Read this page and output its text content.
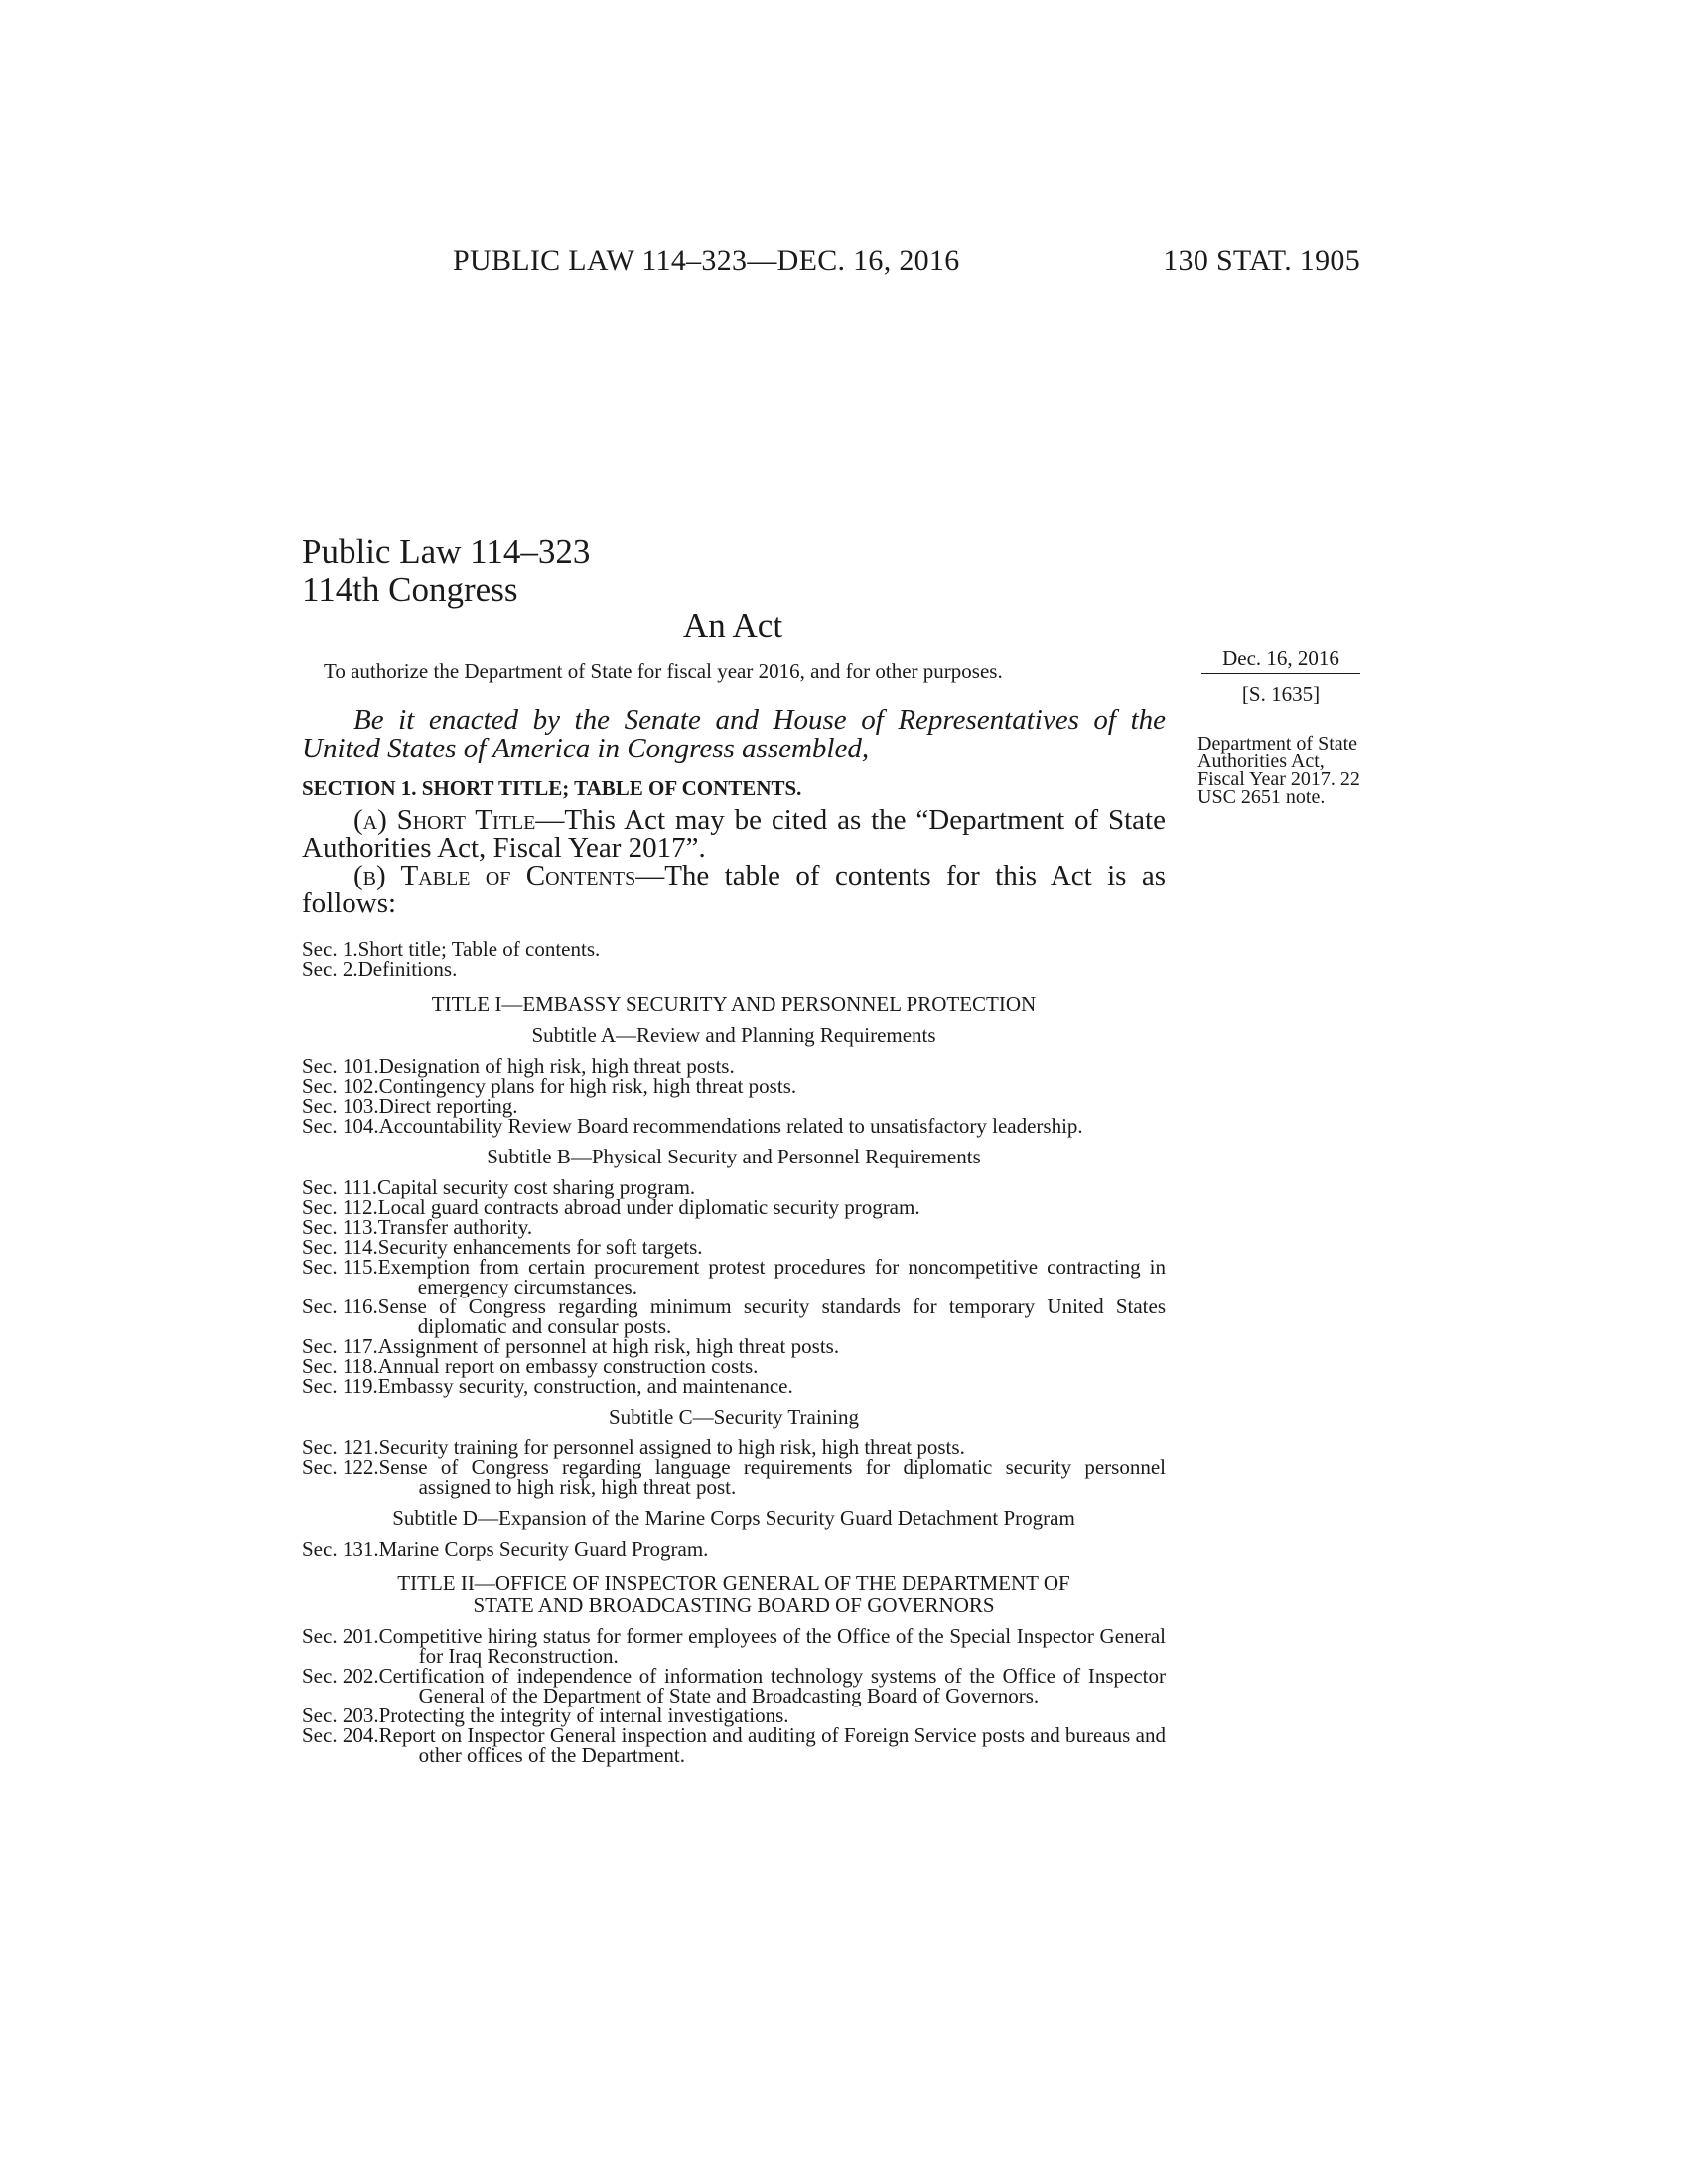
PUBLIC LAW 114–323—DEC. 16, 2016	130 STAT. 1905
Public Law 114–323
114th Congress
An Act
To authorize the Department of State for fiscal year 2016, and for other purposes.
Dec. 16, 2016
[S. 1635]
Department of State Authorities Act, Fiscal Year 2017. 22 USC 2651 note.
Be it enacted by the Senate and House of Representatives of the United States of America in Congress assembled,
SECTION 1. SHORT TITLE; TABLE OF CONTENTS.
(a) Short Title—This Act may be cited as the “Department of State Authorities Act, Fiscal Year 2017”.
(b) Table of Contents—The table of contents for this Act is as follows:
Sec. 1. Short title; Table of contents.
Sec. 2. Definitions.
TITLE I—EMBASSY SECURITY AND PERSONNEL PROTECTION
Subtitle A—Review and Planning Requirements
Sec. 101. Designation of high risk, high threat posts.
Sec. 102. Contingency plans for high risk, high threat posts.
Sec. 103. Direct reporting.
Sec. 104. Accountability Review Board recommendations related to unsatisfactory leadership.
Subtitle B—Physical Security and Personnel Requirements
Sec. 111. Capital security cost sharing program.
Sec. 112. Local guard contracts abroad under diplomatic security program.
Sec. 113. Transfer authority.
Sec. 114. Security enhancements for soft targets.
Sec. 115. Exemption from certain procurement protest procedures for noncompetitive contracting in emergency circumstances.
Sec. 116. Sense of Congress regarding minimum security standards for temporary United States diplomatic and consular posts.
Sec. 117. Assignment of personnel at high risk, high threat posts.
Sec. 118. Annual report on embassy construction costs.
Sec. 119. Embassy security, construction, and maintenance.
Subtitle C—Security Training
Sec. 121. Security training for personnel assigned to high risk, high threat posts.
Sec. 122. Sense of Congress regarding language requirements for diplomatic security personnel assigned to high risk, high threat post.
Subtitle D—Expansion of the Marine Corps Security Guard Detachment Program
Sec. 131. Marine Corps Security Guard Program.
TITLE II—OFFICE OF INSPECTOR GENERAL OF THE DEPARTMENT OF
STATE AND BROADCASTING BOARD OF GOVERNORS
Sec. 201. Competitive hiring status for former employees of the Office of the Special Inspector General for Iraq Reconstruction.
Sec. 202. Certification of independence of information technology systems of the Office of Inspector General of the Department of State and Broadcasting Board of Governors.
Sec. 203. Protecting the integrity of internal investigations.
Sec. 204. Report on Inspector General inspection and auditing of Foreign Service posts and bureaus and other offices of the Department.
